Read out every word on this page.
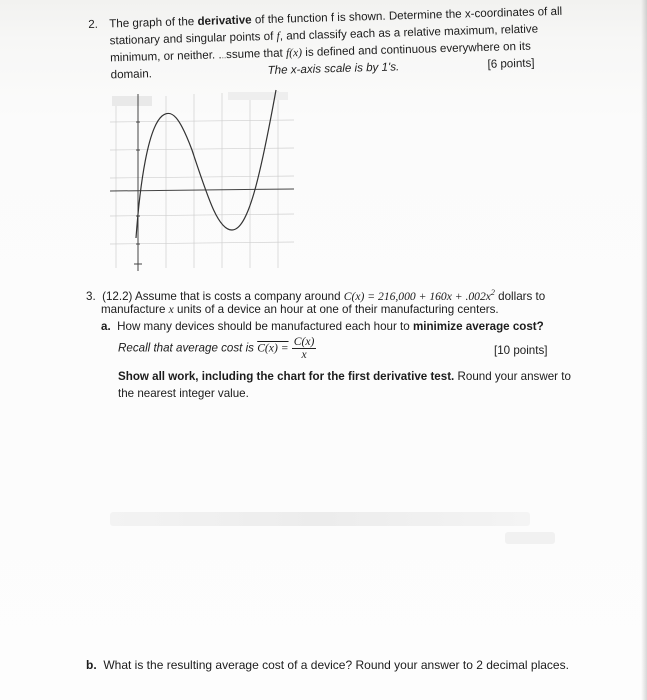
2. The graph of the derivative of the function f is shown. Determine the x-coordinates of all
stationary and singular points of f, and classify each as a relative maximum, relative
minimum, or neither. ...ssume that f(x) is defined and continuous everywhere on its
domain.	The x-axis scale is by 1's.	[6 points]
3. (12.2) Assume that is costs a company around $C(x) = 216,000 + 160x + .002x^2$ dollars to
manufacture x units of a device an hour at one of their manufacturing centers.
a. How many devices should be manufactured each hour to minimize average cost?
Recall that average cost is $C(x) = \frac{C(x)}{x}$	[10 points]
Show all work, including the chart for the first derivative test. Round your answer to
the nearest integer value.
b. What is the resulting average cost of a device? Round your answer to 2 decimal places.
